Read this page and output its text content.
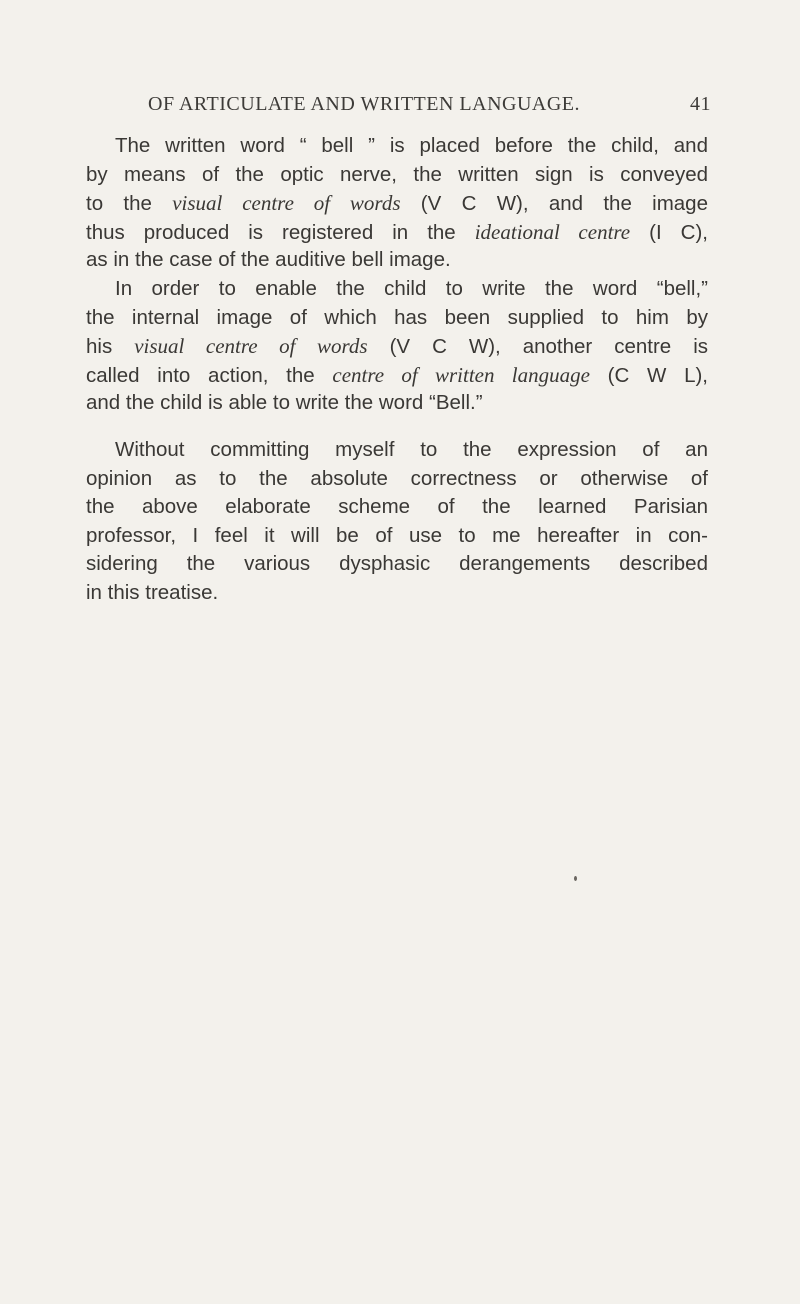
OF ARTICULATE AND WRITTEN LANGUAGE.	41
The written word “ bell ” is placed before the child, and
by means of the optic nerve, the written sign is conveyed
to the visual centre of words (V C W), and the image
thus produced is registered in the ideational centre (I C),
as in the case of the auditive bell image.
In order to enable the child to write the word “bell,”
the internal image of which has been supplied to him by
his visual centre of words (V C W), another centre is
called into action, the centre of written language (C W L),
and the child is able to write the word “Bell.”
Without committing myself to the expression of an
opinion as to the absolute correctness or otherwise of
the above elaborate scheme of the learned Parisian
professor, I feel it will be of use to me hereafter in con-
sidering the various dysphasic derangements described
in this treatise.
